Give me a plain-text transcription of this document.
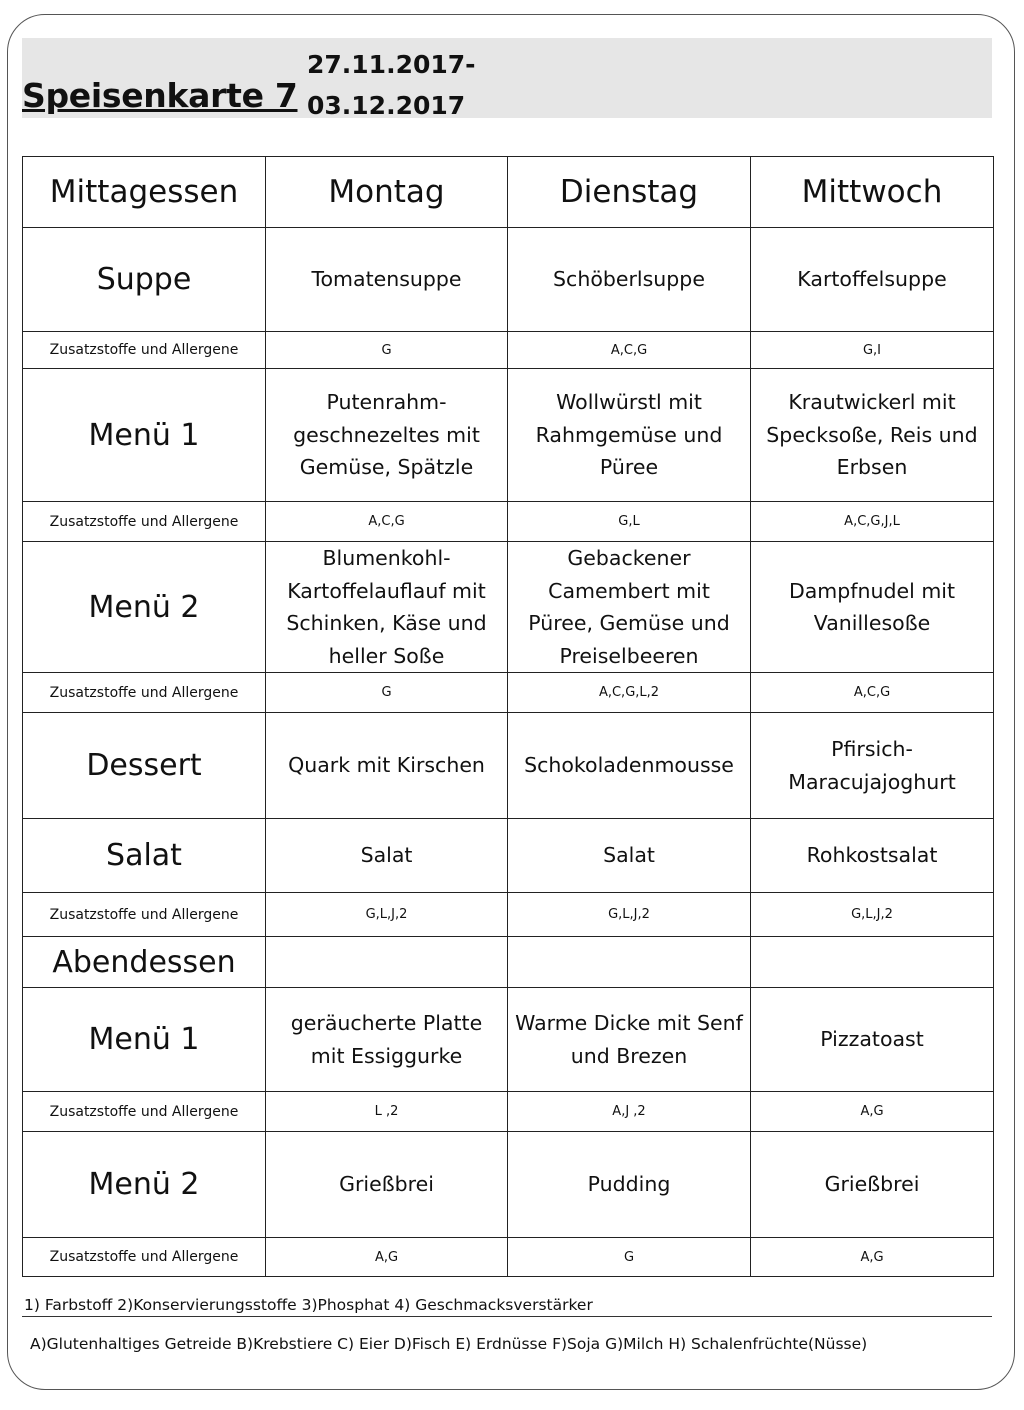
Speisenkarte 7
27.11.2017-
03.12.2017
Mittagessen	Montag	Dienstag	Mittwoch
Suppe	Tomatensuppe	Schöberlsuppe	Kartoffelsuppe
Zusatzstoffe und Allergene	G	A,C,G	G,I
Menü 1	Putenrahm-geschnezeltes mit Gemüse, Spätzle	Wollwürstl mit Rahmgemüse und Püree	Krautwickerl mit Specksoße, Reis und Erbsen
Zusatzstoffe und Allergene	A,C,G	G,L	A,C,G,J,L
Menü 2	Blumenkohl-Kartoffelauflauf mit Schinken, Käse und heller Soße	Gebackener Camembert mit Püree, Gemüse und Preiselbeeren	Dampfnudel mit Vanillesoße
Zusatzstoffe und Allergene	G	A,C,G,L,2	A,C,G
Dessert	Quark mit Kirschen	Schokoladenmousse	Pfirsich-Maracujajoghurt
Salat	Salat	Salat	Rohkostsalat
Zusatzstoffe und Allergene	G,L,J,2	G,L,J,2	G,L,J,2
Abendessen			
Menü 1	geräucherte Platte mit Essiggurke	Warme Dicke mit Senf und Brezen	Pizzatoast
Zusatzstoffe und Allergene	L ,2	A,J ,2	A,G
Menü 2	Grießbrei	Pudding	Grießbrei
Zusatzstoffe und Allergene	A,G	G	A,G
1) Farbstoff 2)Konservierungsstoffe 3)Phosphat 4) Geschmacksverstärker
A)Glutenhaltiges Getreide B)Krebstiere C) Eier D)Fisch E) Erdnüsse F)Soja G)Milch H) Schalenfrüchte(Nüsse)
